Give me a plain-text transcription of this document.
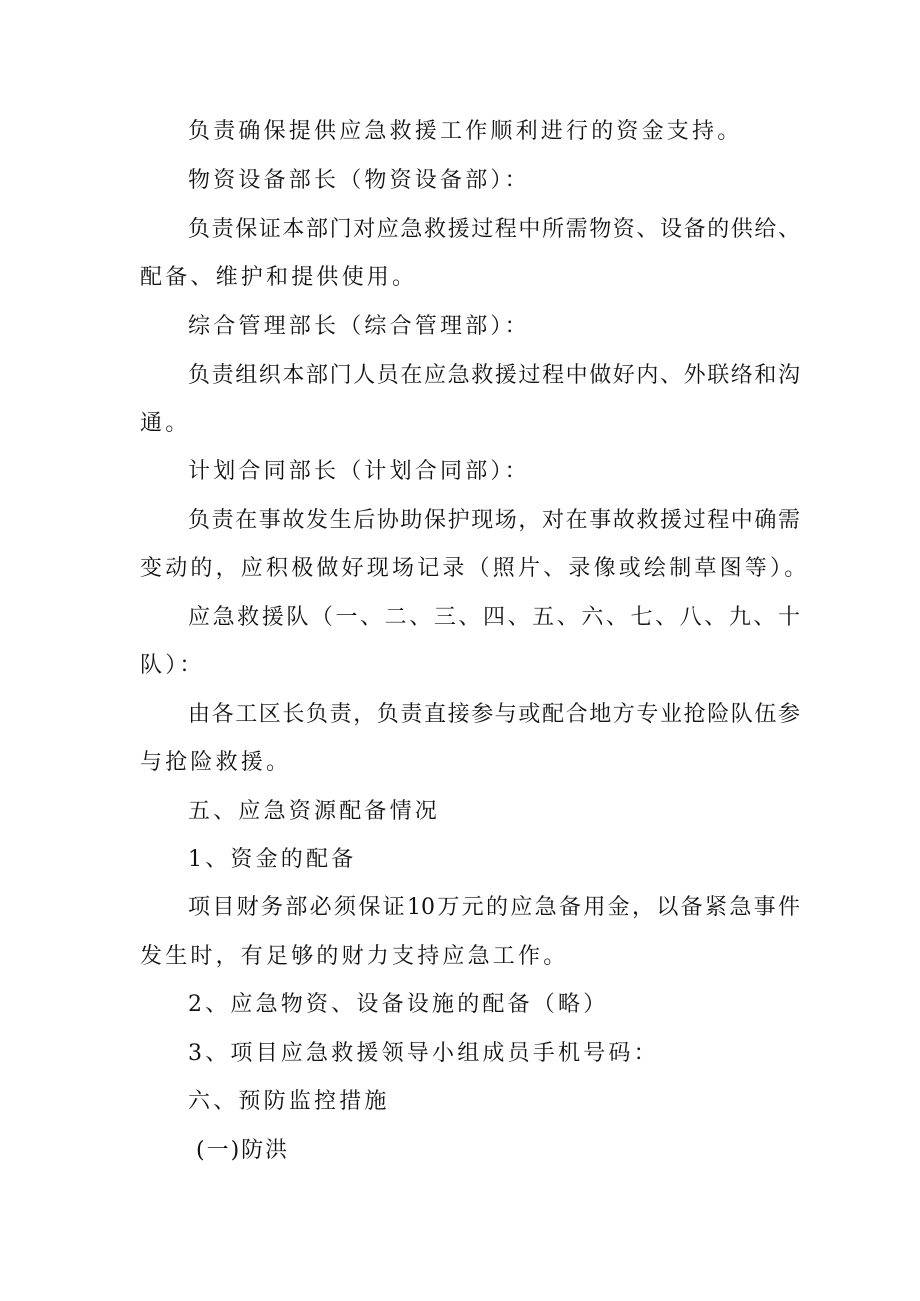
负责确保提供应急救援工作顺利进行的资金支持。
物资设备部长（物资设备部）：
负责保证本部门对应急救援过程中所需物资、设备的供给、
配备、维护和提供使用。
综合管理部长（综合管理部）：
负责组织本部门人员在应急救援过程中做好内、外联络和沟
通。
计划合同部长（计划合同部）：
负责在事故发生后协助保护现场，对在事故救援过程中确需
变动的，应积极做好现场记录（照片、录像或绘制草图等）。
应急救援队（一、二、三、四、五、六、七、八、九、十
队）：
由各工区长负责，负责直接参与或配合地方专业抢险队伍参
与抢险救援。
五、应急资源配备情况
1、资金的配备
项目财务部必须保证10万元的应急备用金，以备紧急事件
发生时，有足够的财力支持应急工作。
2、应急物资、设备设施的配备（略）
3、项目应急救援领导小组成员手机号码：
六、预防监控措施
(一)防洪
